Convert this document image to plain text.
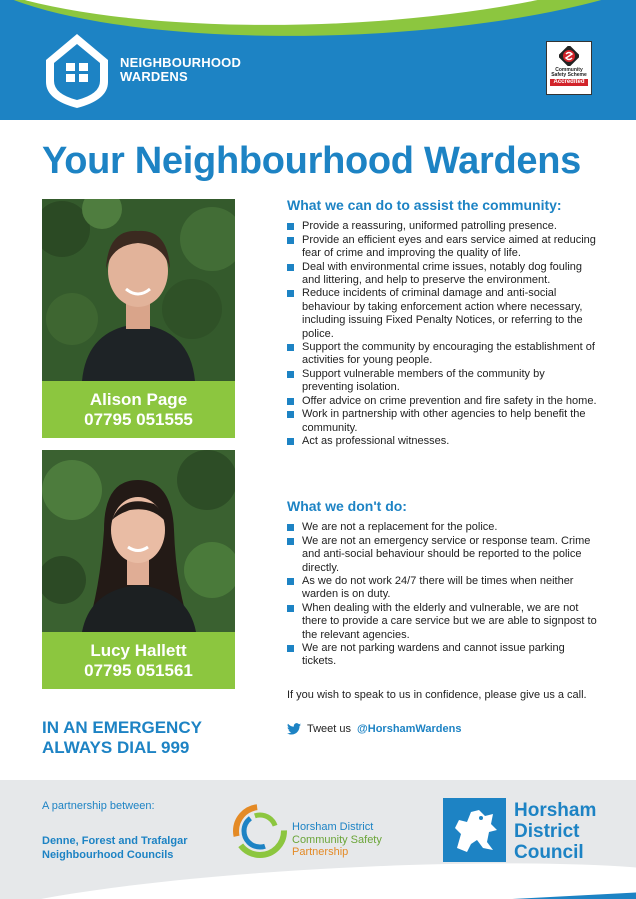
NEIGHBOURHOOD
WARDENS	Community
Safety Scheme
Accredited
Your Neighbourhood Wardens
Alison Page
07795 051555
Lucy Hallett
07795 051561
IN AN EMERGENCY
ALWAYS DIAL 999
What we can do to assist the community:
Provide a reassuring, uniformed patrolling presence.
Provide an efficient eyes and ears service aimed at reducing fear of crime and improving the quality of life.
Deal with environmental crime issues, notably dog fouling and littering, and help to preserve the environment.
Reduce incidents of criminal damage and anti-social behaviour by taking enforcement action where necessary, including issuing Fixed Penalty Notices, or referring to the police.
Support the community by encouraging the establishment of activities for young people.
Support vulnerable members of the community by preventing isolation.
Offer advice on crime prevention and fire safety in the home.
Work in partnership with other agencies to help benefit the community.
Act as professional witnesses.
What we don't do:
We are not a replacement for the police.
We are not an emergency service or response team. Crime and anti-social behaviour should be reported to the police directly.
As we do not work 24/7 there will be times when neither warden is on duty.
When dealing with the elderly and vulnerable, we are not there to provide a care service but we are able to signpost to the relevant agencies.
We are not parking wardens and cannot issue parking tickets.
If you wish to speak to us in confidence, please give us a call.
Tweet us @HorshamWardens
A partnership between:
Denne, Forest and Trafalgar
Neighbourhood Councils
Horsham District
Community Safety
Partnership
Horsham
District
Council
